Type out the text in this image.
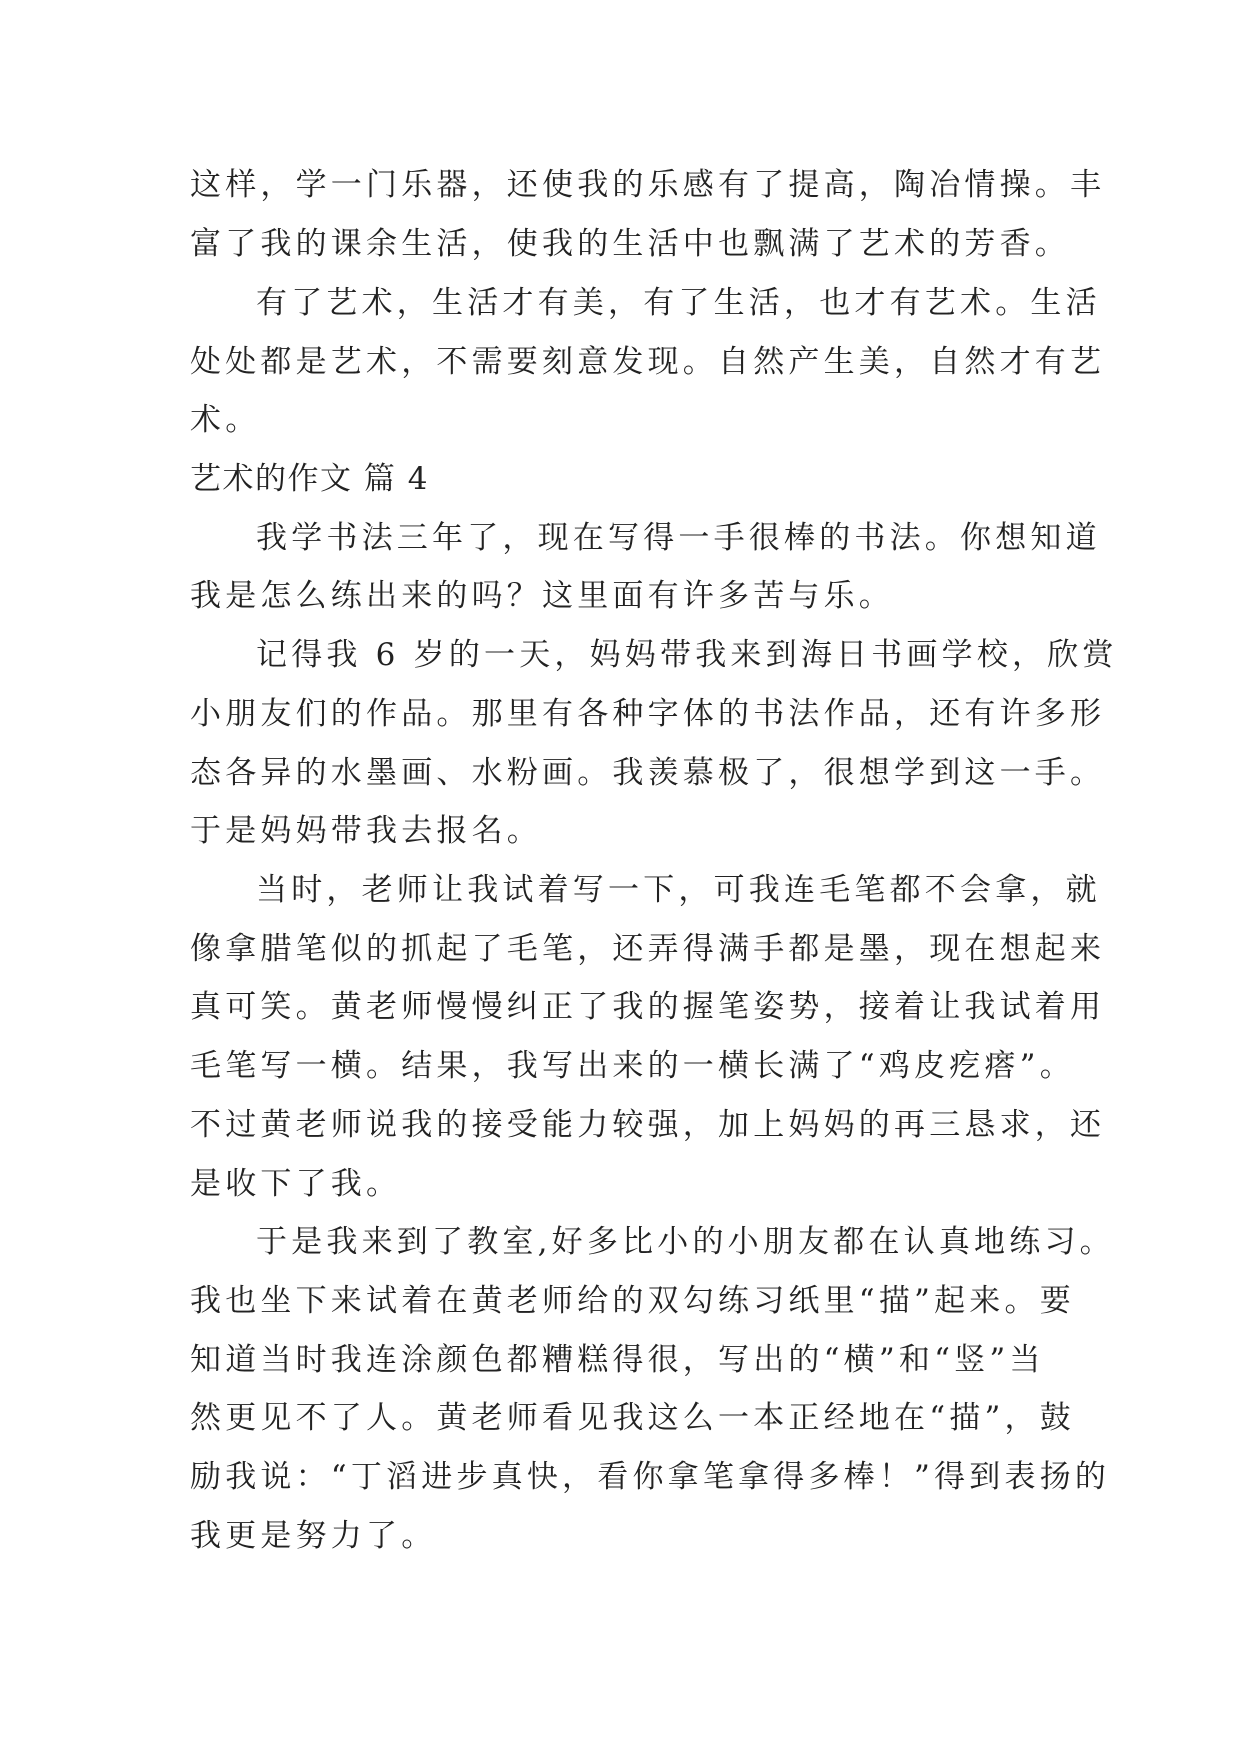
这样，学一门乐器，还使我的乐感有了提高，陶冶情操。丰
富了我的课余生活，使我的生活中也飘满了艺术的芳香。
有了艺术，生活才有美，有了生活，也才有艺术。生活
处处都是艺术，不需要刻意发现。自然产生美，自然才有艺
术。
艺术的作文 篇 4
我学书法三年了，现在写得一手很棒的书法。你想知道
我是怎么练出来的吗？这里面有许多苦与乐。
记得我 6 岁的一天，妈妈带我来到海日书画学校，欣赏
小朋友们的作品。那里有各种字体的书法作品，还有许多形
态各异的水墨画、水粉画。我羡慕极了，很想学到这一手。
于是妈妈带我去报名。
当时，老师让我试着写一下，可我连毛笔都不会拿，就
像拿腊笔似的抓起了毛笔，还弄得满手都是墨，现在想起来
真可笑。黄老师慢慢纠正了我的握笔姿势，接着让我试着用
毛笔写一横。结果，我写出来的一横长满了“鸡皮疙瘩”。
不过黄老师说我的接受能力较强，加上妈妈的再三恳求，还
是收下了我。
于是我来到了教室,好多比小的小朋友都在认真地练习。
我也坐下来试着在黄老师给的双勾练习纸里“描”起来。要
知道当时我连涂颜色都糟糕得很，写出的“横”和“竖”当
然更见不了人。黄老师看见我这么一本正经地在“描”，鼓
励我说：“丁滔进步真快，看你拿笔拿得多棒！”得到表扬的
我更是努力了。
